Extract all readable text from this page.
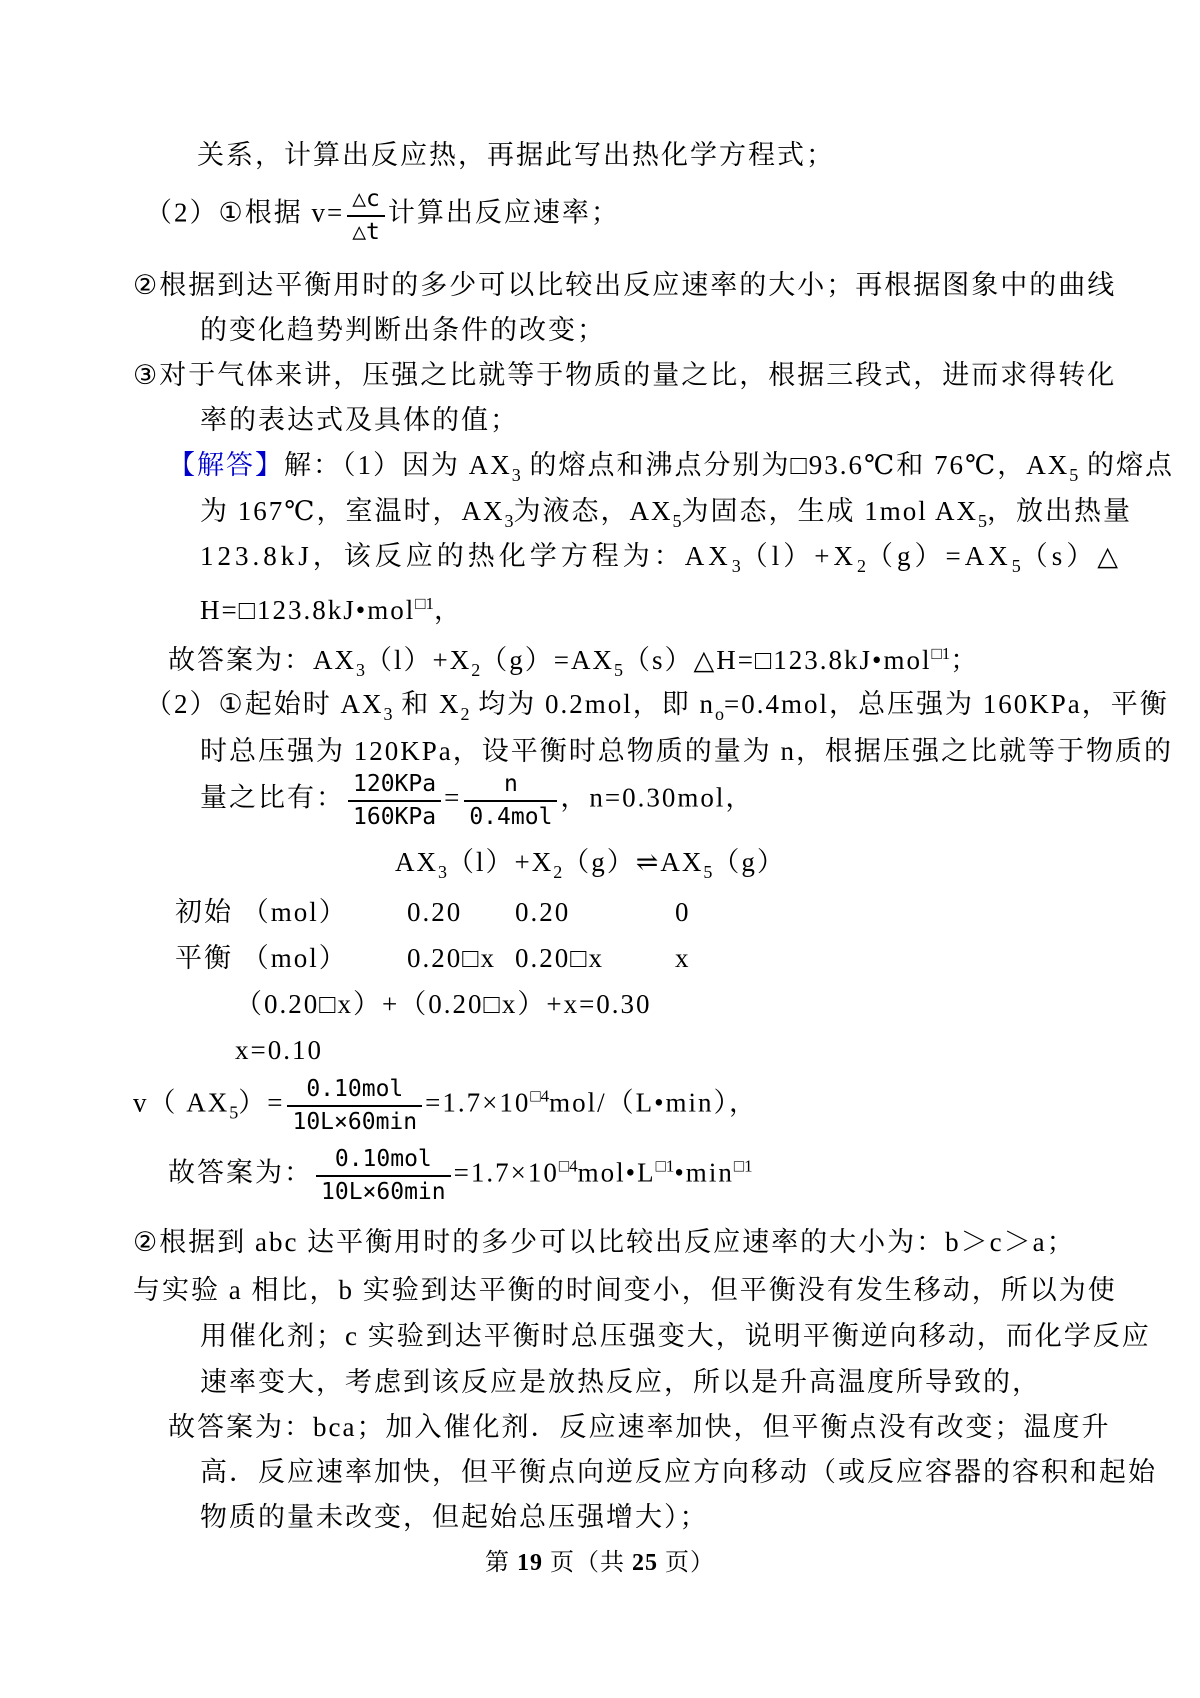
关系，计算出反应热，再据此写出热化学方程式；
（2）①根据 $v= \frac{\triangle c}{\triangle t}$ 计算出反应速率；
②根据到达平衡用时的多少可以比较出反应速率的大小；再根据图象中的曲线
的变化趋势判断出条件的改变；
③对于气体来讲，压强之比就等于物质的量之比，根据三段式，进而求得转化
率的表达式及具体的值；
【解答】解：（1）因为 $AX_3$ 的熔点和沸点分别为□93.6℃和 76℃，$AX_5$ 的熔点
为 167℃，室温时，$AX_3$为液态，$AX_5$为固态，生成 1mol $AX_5$，放出热量
123.8kJ，该反应的热化学方程为：$AX_3(l)+X_2(g)=AX_5(s)\triangle$
H=□123.8kJ•mol$^{□1}$，
故答案为：$AX_3(l)+X_2(g)=AX_5(s)\triangle H=□123.8kJ•mol^{□1}$；
（2）①起始时 $AX_3$ 和 $X_2$ 均为 0.2mol，即 $n_o=0.4mol$，总压强为 160KPa，平衡
时总压强为 120KPa，设平衡时总物质的量为 n，根据压强之比就等于物质的
量之比有： $\frac{\text{120KPa}}{\text{160KPa}} = \frac{n}{\text{0.4mol}}$ ，n=0.30mol，
$AX_3(l)+X_2(g)\rightleftharpoons AX_5(g)$
初始 （mol） 0.20 0.20	0
平衡 （mol） 0.20□x 0.20□x	x
（0.20□x）+（0.20□x）+x=0.30
x=0.10
v（ $AX_5)= \frac{\text{0.10mol}}{10L\times 60\min}$ $=1.7\times 10^{□4}mol/(L•\min)$，
故答案为： $\frac{\text{0.10mol}}{10L\times 60\min}$ $=1.7\times 10^{□4}mol•L^{□1}•\min^{□1}$
②根据到 abc 达平衡用时的多少可以比较出反应速率的大小为：b＞c＞a；
与实验 a 相比，b 实验到达平衡的时间变小，但平衡没有发生移动，所以为使
用催化剂；c 实验到达平衡时总压强变大，说明平衡逆向移动，而化学反应
速率变大，考虑到该反应是放热反应，所以是升高温度所导致的，
故答案为：bca；加入催化剂．反应速率加快，但平衡点没有改变；温度升
高．反应速率加快，但平衡点向逆反应方向移动（或反应容器的容积和起始
物质的量未改变，但起始总压强增大）；
第 19 页（共 25 页）
